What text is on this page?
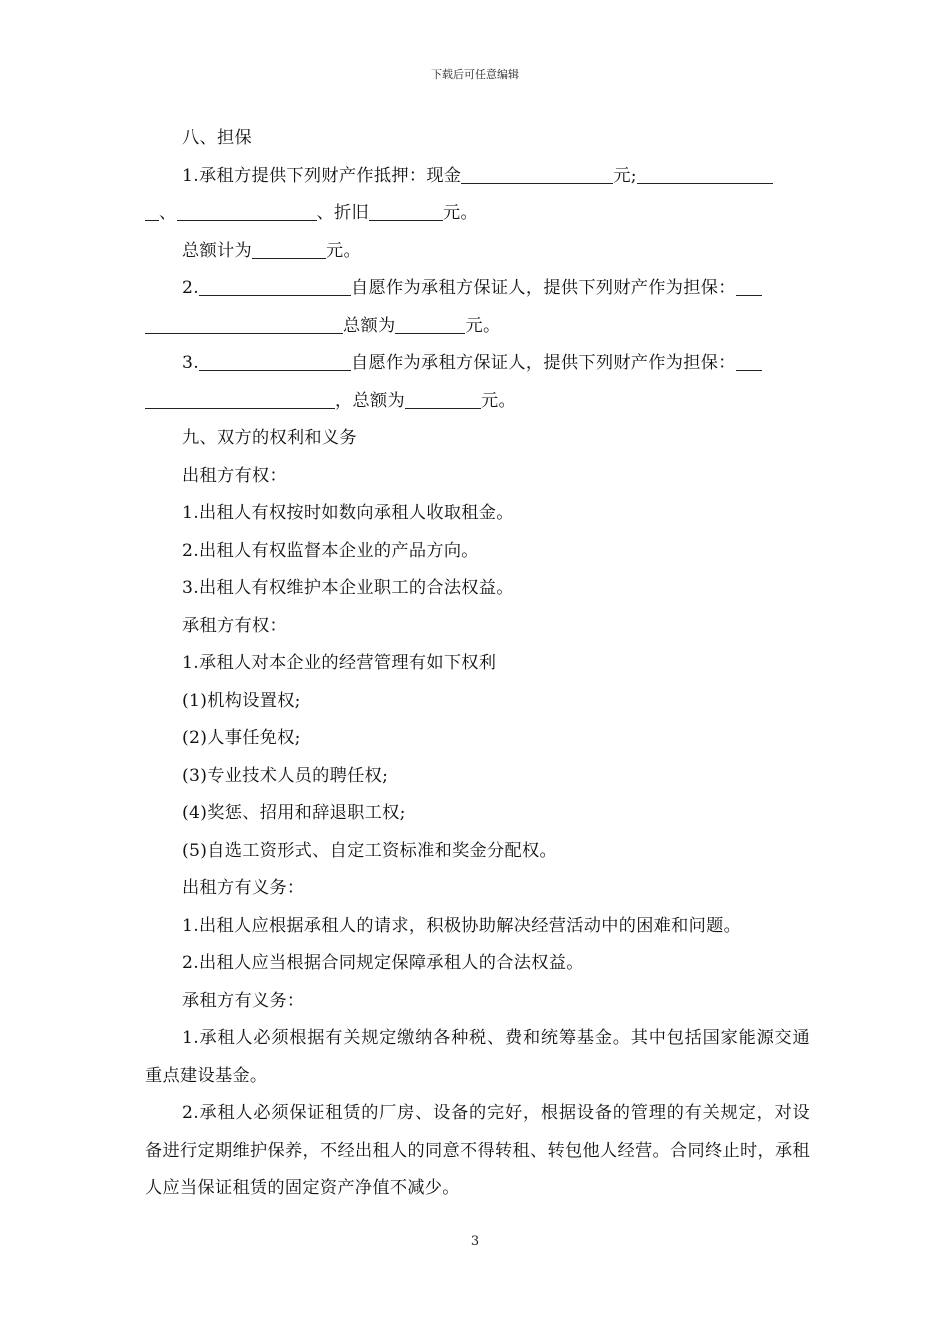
下载后可任意编辑

八、担保

1.承租方提供下列财产作抵押：现金	元;

、	、折旧	元。

总额计为	元。

2.	自愿作为承租方保证人，提供下列财产作为担保：

总额为	元。

3.	自愿作为承租方保证人，提供下列财产作为担保：

，总额为	元。

九、双方的权利和义务

出租方有权：

1.出租人有权按时如数向承租人收取租金。

2.出租人有权监督本企业的产品方向。

3.出租人有权维护本企业职工的合法权益。

承租方有权：

1.承租人对本企业的经营管理有如下权利

(1)机构设置权;

(2)人事任免权;

(3)专业技术人员的聘任权;

(4)奖惩、招用和辞退职工权;

(5)自选工资形式、自定工资标准和奖金分配权。

出租方有义务：

1.出租人应根据承租人的请求，积极协助解决经营活动中的困难和问题。

2.出租人应当根据合同规定保障承租人的合法权益。

承租方有义务：

1.承租人必须根据有关规定缴纳各种税、费和统筹基金。其中包括国家能源交通重点建设基金。

2.承租人必须保证租赁的厂房、设备的完好，根据设备的管理的有关规定，对设备进行定期维护保养，不经出租人的同意不得转租、转包他人经营。合同终止时，承租人应当保证租赁的固定资产净值不减少。

3
